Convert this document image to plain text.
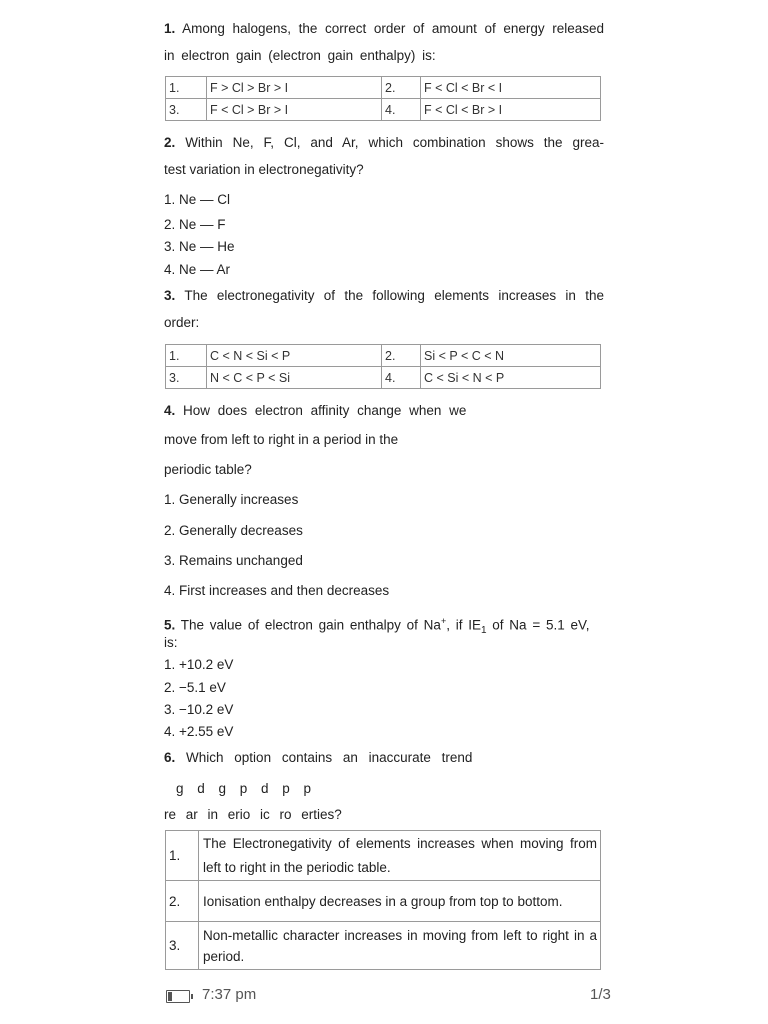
1. Among halogens, the correct order of amount of energy released
in electron gain (electron gain enthalpy) is:
1.	F > Cl > Br > I	2.	F < Cl < Br < I
3.	F < Cl > Br > I	4.	F < Cl < Br > I
2. Within Ne, F, Cl, and Ar, which combination shows the grea-
test variation in electronegativity?
1. Ne — Cl
2. Ne — F
3. Ne — He
4. Ne — Ar
3. The electronegativity of the following elements increases in the
order:
1.	C < N < Si < P	2.	Si < P < C < N
3.	N < C < P < Si	4.	C < Si < N < P
4. How does electron affinity change when we
move from left to right in a period in the
periodic table?
1. Generally increases
2. Generally decreases
3. Remains unchanged
4. First increases and then decreases
5. The value of electron gain enthalpy of Na+, if $IE_1$ of Na = 5.1 eV,
is:
1. +10.2 eV
2. −5.1 eV
3. −10.2 eV
4. +2.55 eV
6. Which option contains an inaccurate trend
g d g p d p p
re ar in erio ic ro erties?
1.	The Electronegativity of elements increases when moving from left to right in the periodic table.
2.	Ionisation enthalpy decreases in a group from top to bottom.
3.	Non-metallic character increases in moving from left to right in a period.
7:37 pm	1/3
